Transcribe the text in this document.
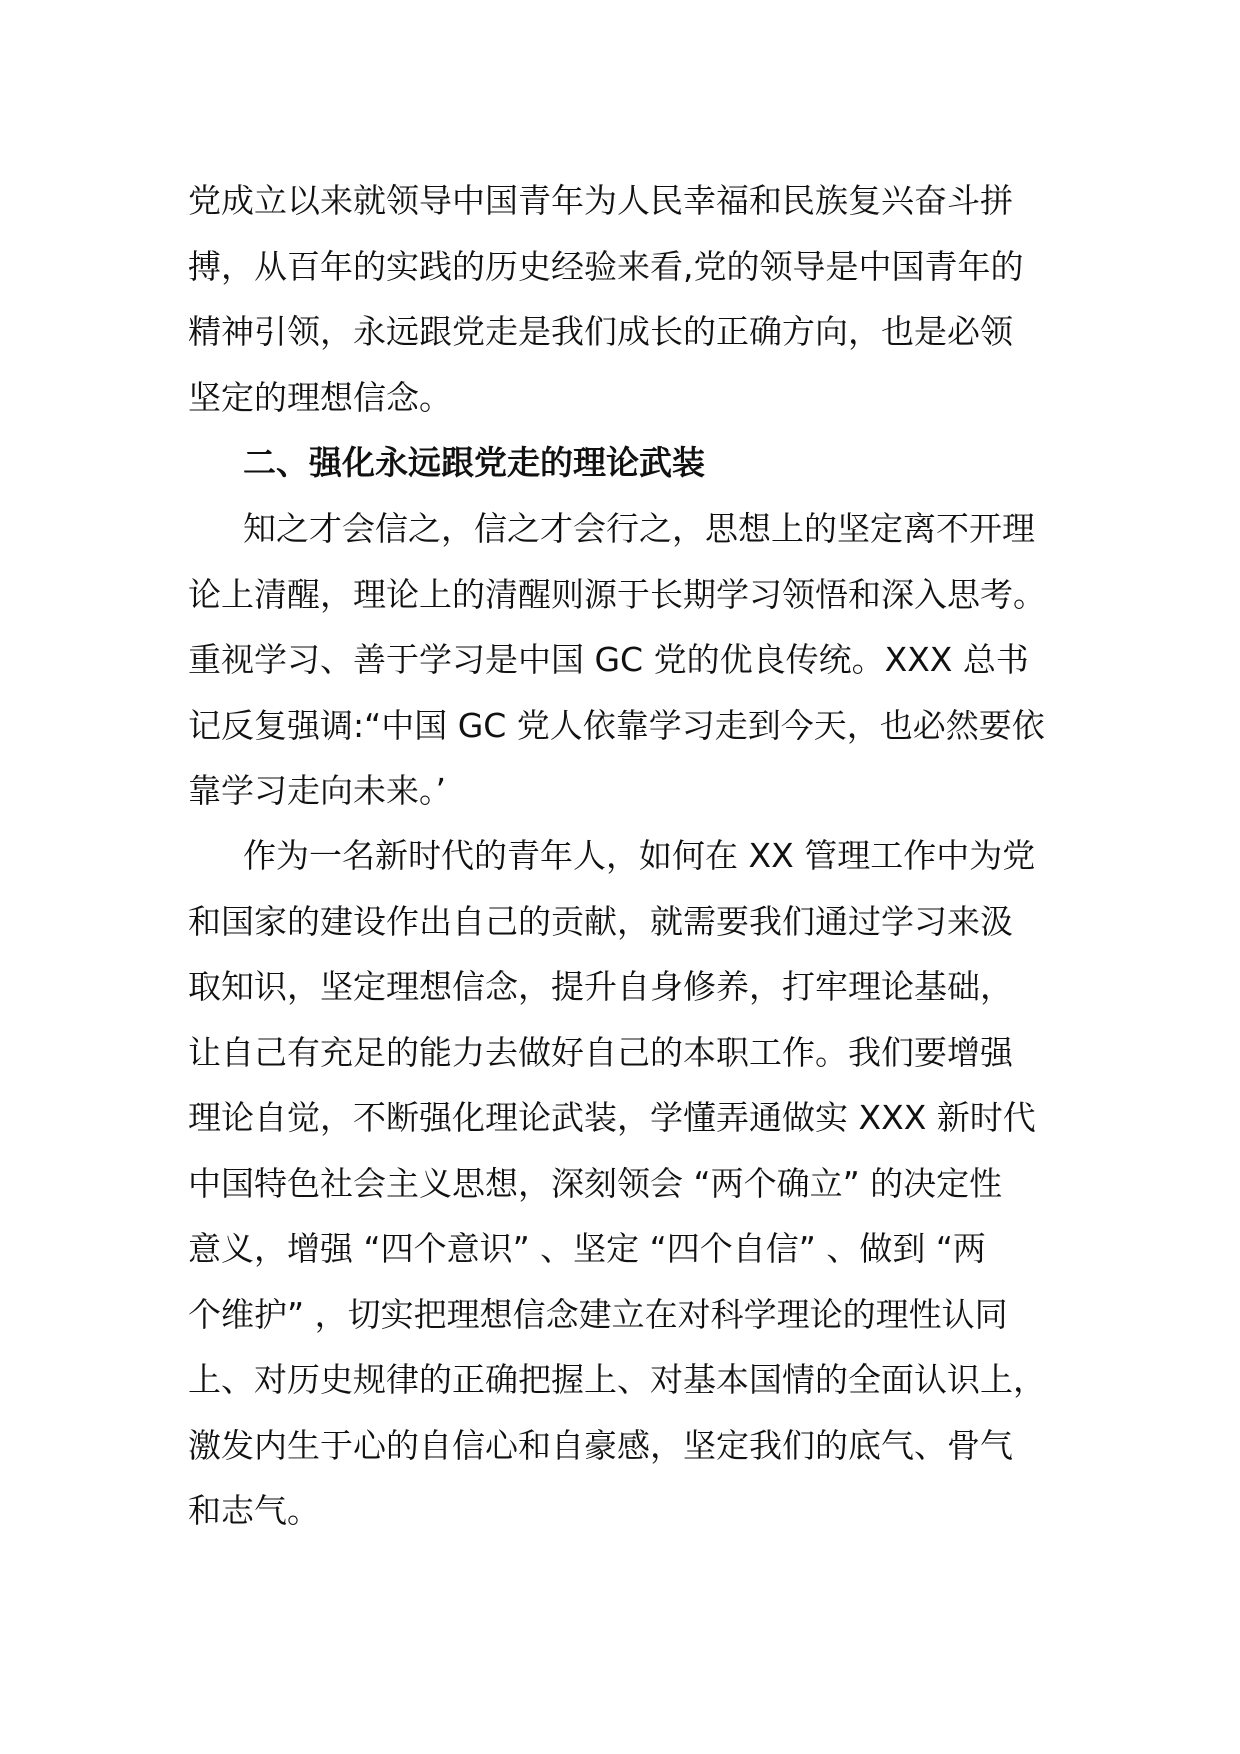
党成立以来就领导中国青年为人民幸福和民族复兴奋斗拼
搏，从百年的实践的历史经验来看,党的领导是中国青年的
精神引领，永远跟党走是我们成长的正确方向，也是必领
坚定的理想信念。
二、强化永远跟党走的理论武装
知之才会信之，信之才会行之，思想上的坚定离不开理
论上清醒，理论上的清醒则源于长期学习领悟和深入思考。
重视学习、善于学习是中国 GC 党的优良传统。XXX 总书
记反复强调:“中国 GC 党人依靠学习走到今天，也必然要依
靠学习走向未来。’
作为一名新时代的青年人，如何在 XX 管理工作中为党
和国家的建设作出自己的贡献，就需要我们通过学习来汲
取知识，坚定理想信念，提升自身修养，打牢理论基础，
让自己有充足的能力去做好自己的本职工作。我们要增强
理论自觉，不断强化理论武装，学懂弄通做实 XXX 新时代
中国特色社会主义思想，深刻领会 “两个确立” 的决定性
意义，增强 “四个意识” 、坚定 “四个自信” 、做到 “两
个维护” ，切实把理想信念建立在对科学理论的理性认同
上、对历史规律的正确把握上、对基本国情的全面认识上，
激发内生于心的自信心和自豪感，坚定我们的底气、骨气
和志气。
